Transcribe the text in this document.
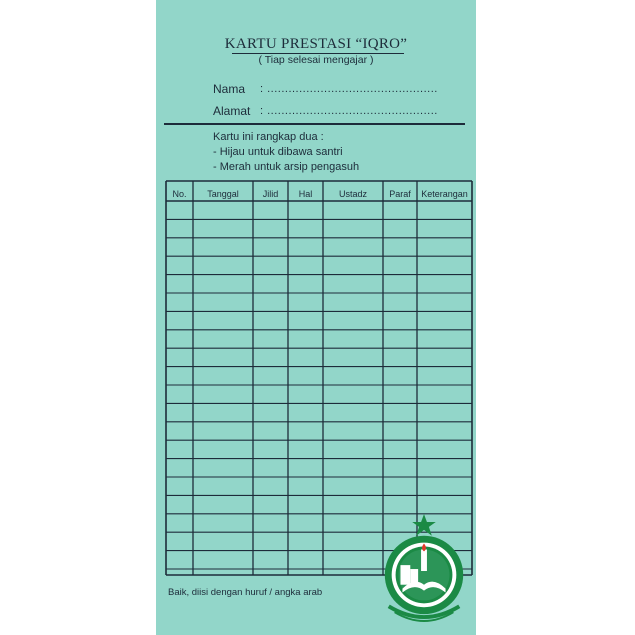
KARTU PRESTASI “IQRO”
( Tiap selesai mengajar )
Nama : ................................................
Alamat : ................................................
Kartu ini rangkap dua :
- Hijau untuk dibawa santri
- Merah untuk arsip pengasuh
No.	Tanggal	Jilid	Hal	Ustadz	Paraf	Keterangan
Baik, diisi dengan huruf / angka arab
